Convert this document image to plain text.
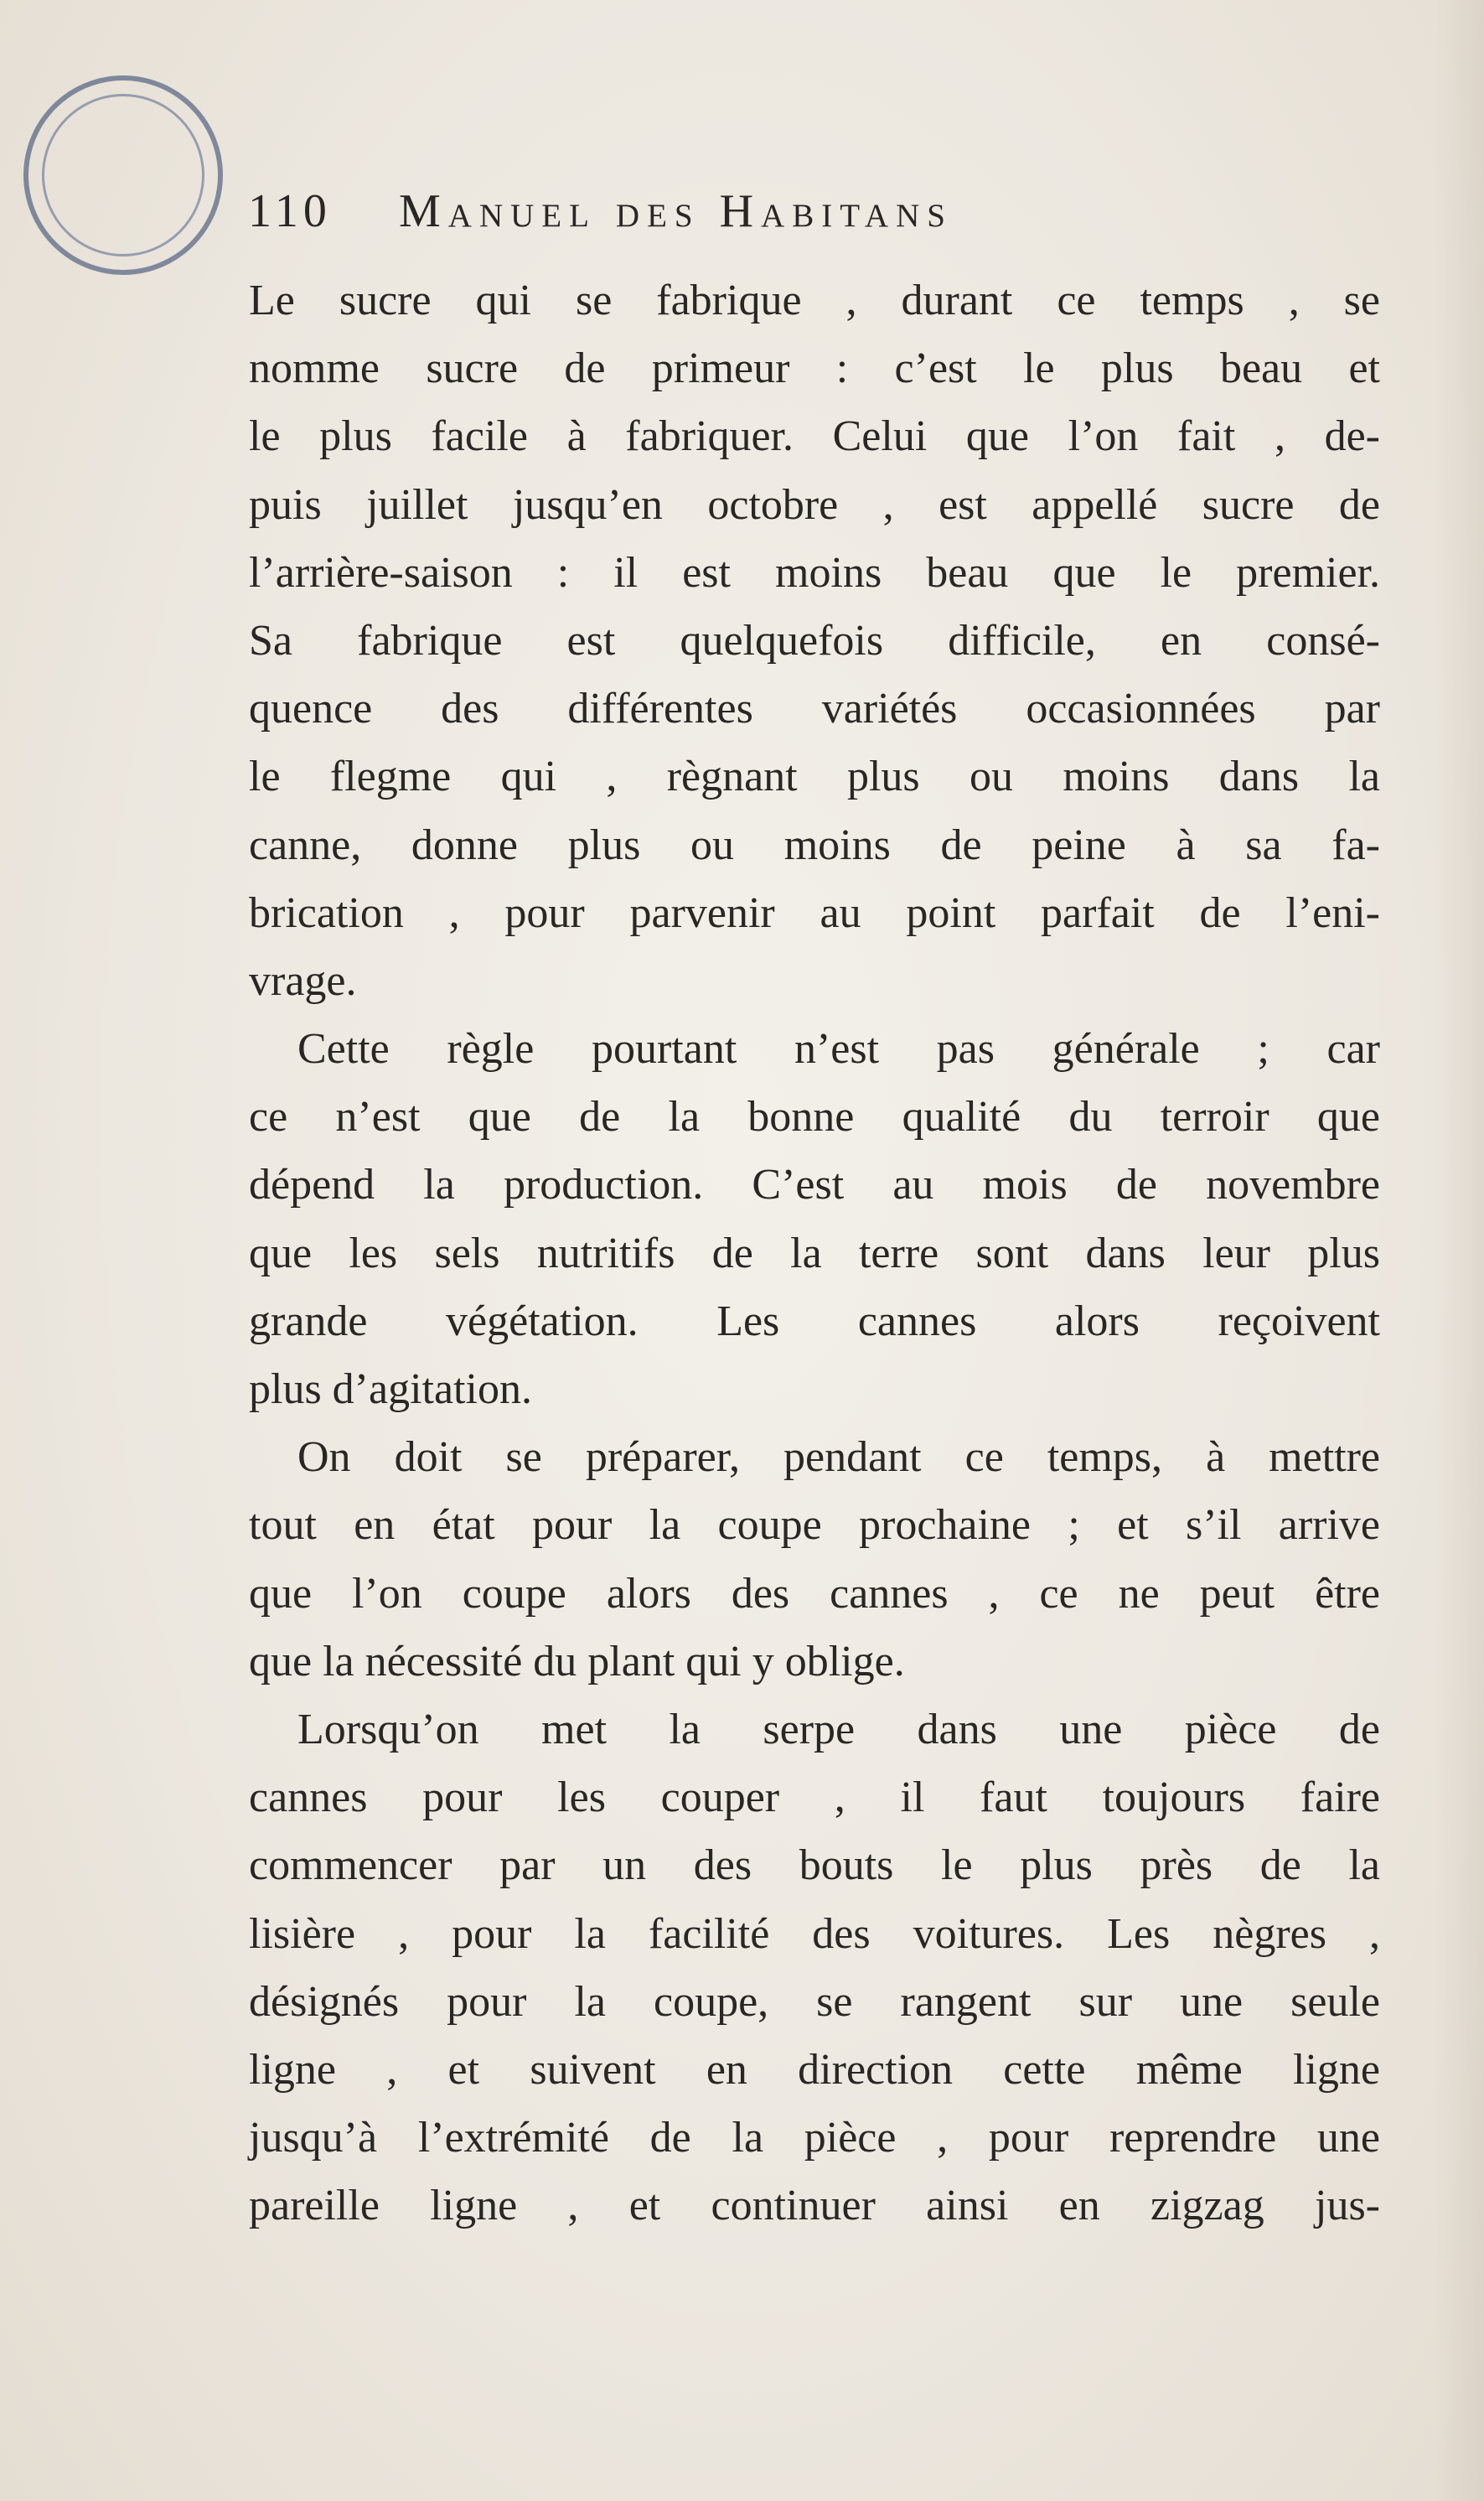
110 Manuel des Habitans
Le sucre qui se fabrique , durant ce temps , se
nomme sucre de primeur : c’est le plus beau et
le plus facile à fabriquer. Celui que l’on fait , de-
puis juillet jusqu’en octobre , est appellé sucre de
l’arrière-saison : il est moins beau que le premier.
Sa fabrique est quelquefois difficile, en consé-
quence des différentes variétés occasionnées par
le flegme qui , règnant plus ou moins dans la
canne, donne plus ou moins de peine à sa fa-
brication , pour parvenir au point parfait de l’eni-
vrage.
Cette règle pourtant n’est pas générale ; car
ce n’est que de la bonne qualité du terroir que
dépend la production. C’est au mois de novembre
que les sels nutritifs de la terre sont dans leur plus
grande végétation. Les cannes alors reçoivent
plus d’agitation.
On doit se préparer, pendant ce temps, à mettre
tout en état pour la coupe prochaine ; et s’il arrive
que l’on coupe alors des cannes , ce ne peut être
que la nécessité du plant qui y oblige.
Lorsqu’on met la serpe dans une pièce de
cannes pour les couper , il faut toujours faire
commencer par un des bouts le plus près de la
lisière , pour la facilité des voitures. Les nègres ,
désignés pour la coupe, se rangent sur une seule
ligne , et suivent en direction cette même ligne
jusqu’à l’extrémité de la pièce , pour reprendre une
pareille ligne , et continuer ainsi en zigzag jus-
